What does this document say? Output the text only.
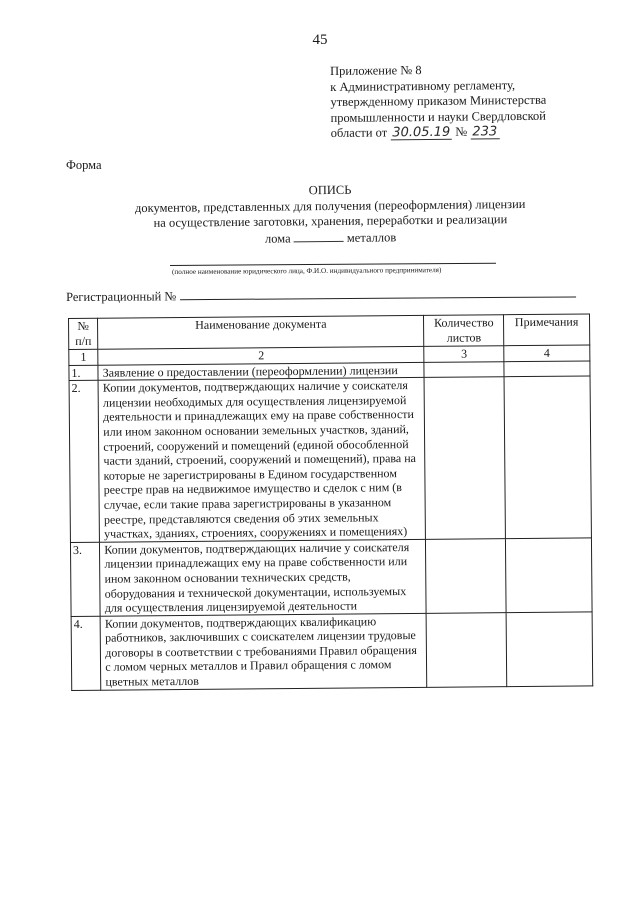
45
Приложение № 8
к Административному регламенту,
утвержденному приказом Министерства
промышленности и науки Свердловской
области от 30.05.19 № 233
Форма
ОПИСЬ
документов, представленных для получения (переоформления) лицензии
на осуществление заготовки, хранения, переработки и реализации
лома	металлов
(полное наименование юридического лица, Ф.И.О. индивидуального предпринимателя)
Регистрационный №
№ п/п	Наименование документа	Количество листов	Примечания
1	2	3	4
1.	Заявление о предоставлении (переоформлении) лицензии		
2.	Копии документов, подтверждающих наличие у соискателя лицензии необходимых для осуществления лицензируемой деятельности и принадлежащих ему на праве собственности или ином законном основании земельных участков, зданий, строений, сооружений и помещений (единой обособленной части зданий, строений, сооружений и помещений), права на которые не зарегистрированы в Едином государственном реестре прав на недвижимое имущество и сделок с ним (в случае, если такие права зарегистрированы в указанном реестре, представляются сведения об этих земельных участках, зданиях, строениях, сооружениях и помещениях)		
3.	Копии документов, подтверждающих наличие у соискателя лицензии принадлежащих ему на праве собственности или ином законном основании технических средств, оборудования и технической документации, используемых для осуществления лицензируемой деятельности		
4.	Копии документов, подтверждающих квалификацию работников, заключивших с соискателем лицензии трудовые договоры в соответствии с требованиями Правил обращения с ломом черных металлов и Правил обращения с ломом цветных металлов		
